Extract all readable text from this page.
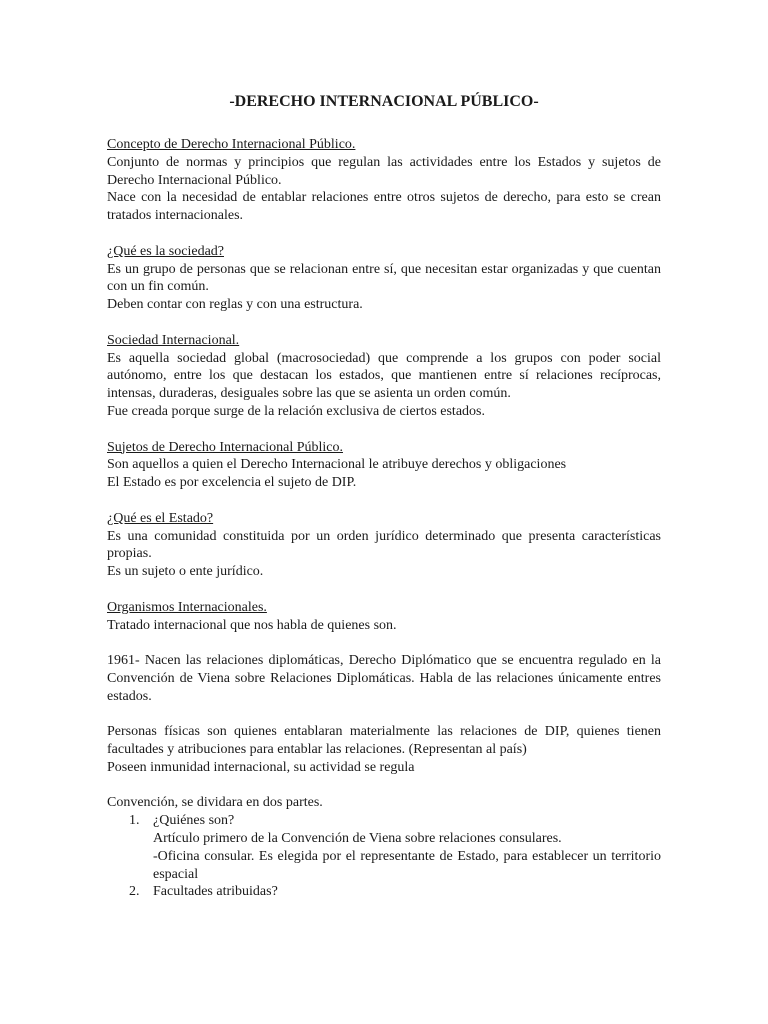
-DERECHO INTERNACIONAL PÚBLICO-
Concepto de Derecho Internacional Público.

Conjunto de normas y principios que regulan las actividades entre los Estados y sujetos de Derecho Internacional Público.

Nace con la necesidad de entablar relaciones entre otros sujetos de derecho, para esto se crean tratados internacionales.

¿Qué es la sociedad?

Es un grupo de personas que se relacionan entre sí, que necesitan estar organizadas y que cuentan con un fin común.

Deben contar con reglas y con una estructura.

Sociedad Internacional.

Es aquella sociedad global (macrosociedad) que comprende a los grupos con poder social autónomo, entre los que destacan los estados, que mantienen entre sí relaciones recíprocas, intensas, duraderas, desiguales sobre las que se asienta un orden común.

Fue creada porque surge de la relación exclusiva de ciertos estados.

Sujetos de Derecho Internacional Público.

Son aquellos a quien el Derecho Internacional le atribuye derechos y obligaciones

El Estado es por excelencia el sujeto de DIP.

¿Qué es el Estado?

Es una comunidad constituida por un orden jurídico determinado que presenta características propias.

Es un sujeto o ente jurídico.

Organismos Internacionales.

Tratado internacional que nos habla de quienes son.

1961- Nacen las relaciones diplomáticas, Derecho Diplómatico que se encuentra regulado en la Convención de Viena sobre Relaciones Diplomáticas. Habla de las relaciones únicamente entres estados.

Personas físicas son quienes entablaran materialmente las relaciones de DIP, quienes tienen facultades y atribuciones para entablar las relaciones. (Representan al país)

Poseen inmunidad internacional, su actividad se regula

Convención, se dividara en dos partes.

1. ¿Quiénes son?

Artículo primero de la Convención de Viena sobre relaciones consulares.

-Oficina consular. Es elegida por el representante de Estado, para establecer un territorio espacial

2. Facultades atribuidas?
